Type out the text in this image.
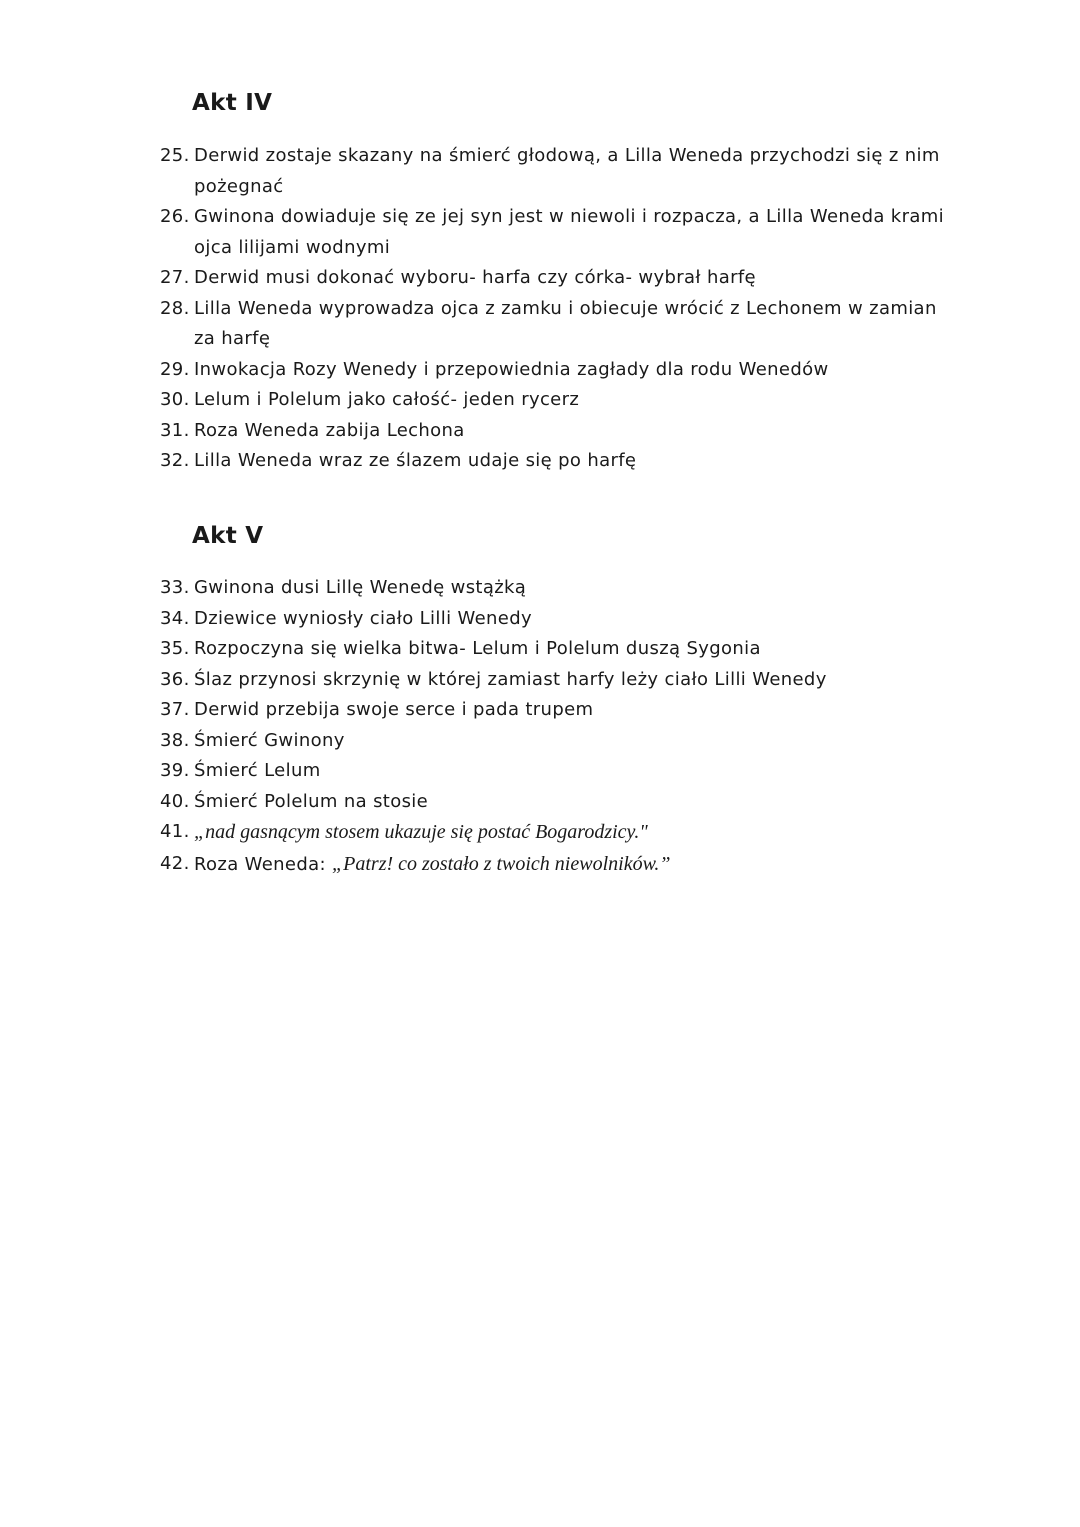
Akt IV
25. Derwid zostaje skazany na śmierć głodową, a Lilla Weneda przychodzi się z nim pożegnać
26. Gwinona dowiaduje się ze jej syn jest w niewoli i rozpacza, a Lilla Weneda krami ojca lilijami wodnymi
27. Derwid musi dokonać wyboru- harfa czy córka- wybrał harfę
28. Lilla Weneda wyprowadza ojca z zamku i obiecuje wrócić z Lechonem w zamian za harfę
29. Inwokacja Rozy Wenedy i przepowiednia zagłady dla rodu Wenedów
30. Lelum i Polelum jako całość- jeden rycerz
31. Roza Weneda zabija Lechona
32. Lilla Weneda wraz ze ślazem udaje się po harfę
Akt V
33. Gwinona dusi Lillę Wenedę wstążką
34. Dziewice wyniosły ciało Lilli Wenedy
35. Rozpoczyna się wielka bitwa- Lelum i Polelum duszą Sygonia
36. Ślaz przynosi skrzynię w której zamiast harfy leży ciało Lilli Wenedy
37. Derwid przebija swoje serce i pada trupem
38. Śmierć Gwinony
39. Śmierć Lelum
40. Śmierć Polelum na stosie
41. „nad gasnącym stosem ukazuje się postać Bogarodzicy."
42. Roza Weneda: „Patrz! co zostało z twoich niewolników.”
